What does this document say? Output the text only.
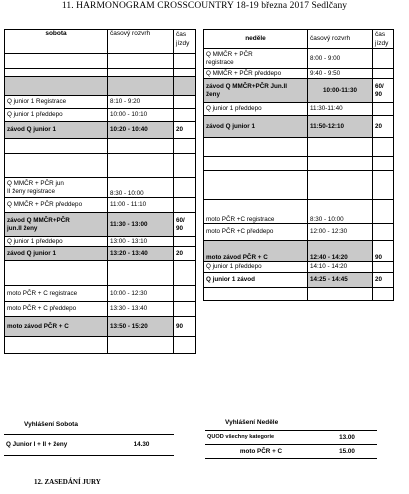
11. HARMONOGRAM CROSSCOUNTRY 18-19 března 2017 Sedlčany
sobota	časový rozvrh	čas jízdy

Q junior 1 Registrace	8:10 - 9:20	
Q junior 1 předdepo	10:00 - 10:10	
závod Q junior 1	10:20 - 10:40	20

Q MMČR + PČR jun II ženy registrace	8:30 - 10:00	
Q MMČR + PČR předdepo	11:00 - 11:10	
závod Q MMČR+PČR jun.II ženy	11:30 - 13:00	60/ 90
Q junior 1 předdepo	13:00 - 13:10	
závod Q junior 1	13:20 - 13:40	20

moto PČR + C registrace	10:00 - 12:30	
moto PČR + C předdepo	13:30 - 13:40	
moto závod PČR + C	13:50 - 15:20	90

neděle	časový rozvrh	čas jízdy
Q MMČR + PČR registrace	8:00 - 9:00	
Q MMČR + PČR předdepo	9:40 - 9:50	
závod Q MMČR+PČR Jun.II ženy	10:00-11:30	60/ 90
Q junior 1 předdepo	11:30-11:40	
závod Q junior 1	11:50-12:10	20

moto PČR +C registrace	8:30 - 10:00	
moto PČR +C předdepo	12:00 - 12:30	
moto závod PČR + C	12:40 - 14:20	90
Q junior 1 předdepo	14:10 - 14:20	
Q junior 1 závod	14:25 - 14:45	20

Vyhlášení Sobota
Q Junior I + II + ženy	14.30
Vyhlášení Neděle	
QUOD všechny kategorie	13.00
moto PČR + C	15.00
12. ZASEDÁNÍ JURY
